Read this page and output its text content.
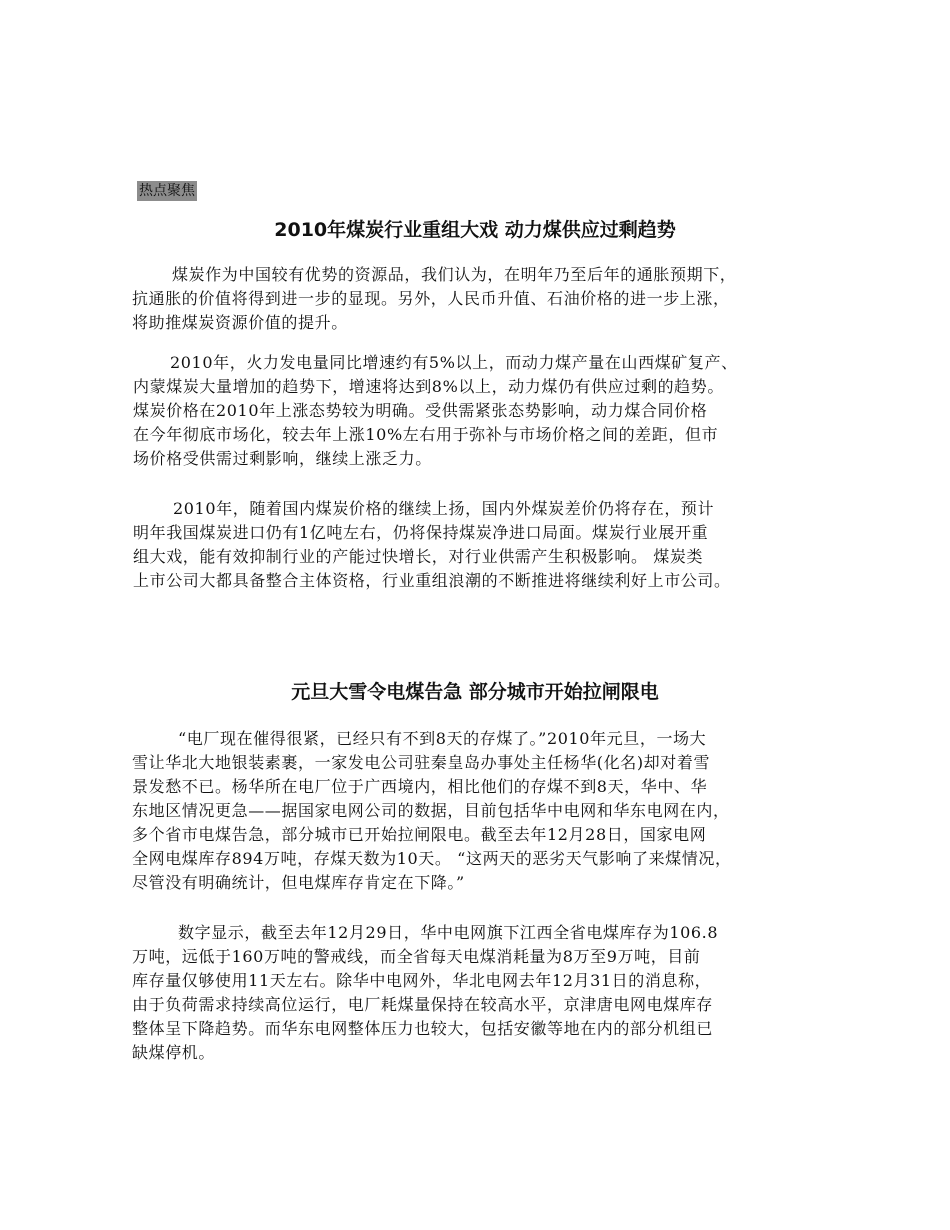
热点聚焦
2010年煤炭行业重组大戏 动力煤供应过剩趋势
煤炭作为中国较有优势的资源品，我们认为，在明年乃至后年的通胀预期下，
抗通胀的价值将得到进一步的显现。另外，人民币升值、石油价格的进一步上涨，
将助推煤炭资源价值的提升。
2010年，火力发电量同比增速约有5%以上，而动力煤产量在山西煤矿复产、
内蒙煤炭大量增加的趋势下，增速将达到8%以上，动力煤仍有供应过剩的趋势。
煤炭价格在2010年上涨态势较为明确。受供需紧张态势影响，动力煤合同价格
在今年彻底市场化，较去年上涨10%左右用于弥补与市场价格之间的差距，但市
场价格受供需过剩影响，继续上涨乏力。
2010年，随着国内煤炭价格的继续上扬，国内外煤炭差价仍将存在，预计
明年我国煤炭进口仍有1亿吨左右，仍将保持煤炭净进口局面。煤炭行业展开重
组大戏，能有效抑制行业的产能过快增长，对行业供需产生积极影响。 煤炭类
上市公司大都具备整合主体资格，行业重组浪潮的不断推进将继续利好上市公司。
元旦大雪令电煤告急 部分城市开始拉闸限电
“电厂现在催得很紧，已经只有不到8天的存煤了。”2010年元旦，一场大
雪让华北大地银装素裹，一家发电公司驻秦皇岛办事处主任杨华(化名)却对着雪
景发愁不已。杨华所在电厂位于广西境内，相比他们的存煤不到8天，华中、华
东地区情况更急——据国家电网公司的数据，目前包括华中电网和华东电网在内，
多个省市电煤告急，部分城市已开始拉闸限电。截至去年12月28日，国家电网
全网电煤库存894万吨，存煤天数为10天。 “这两天的恶劣天气影响了来煤情况，
尽管没有明确统计，但电煤库存肯定在下降。”
数字显示，截至去年12月29日，华中电网旗下江西全省电煤库存为106.8
万吨，远低于160万吨的警戒线，而全省每天电煤消耗量为8万至9万吨，目前
库存量仅够使用11天左右。除华中电网外，华北电网去年12月31日的消息称，
由于负荷需求持续高位运行，电厂耗煤量保持在较高水平，京津唐电网电煤库存
整体呈下降趋势。而华东电网整体压力也较大，包括安徽等地在内的部分机组已
缺煤停机。
